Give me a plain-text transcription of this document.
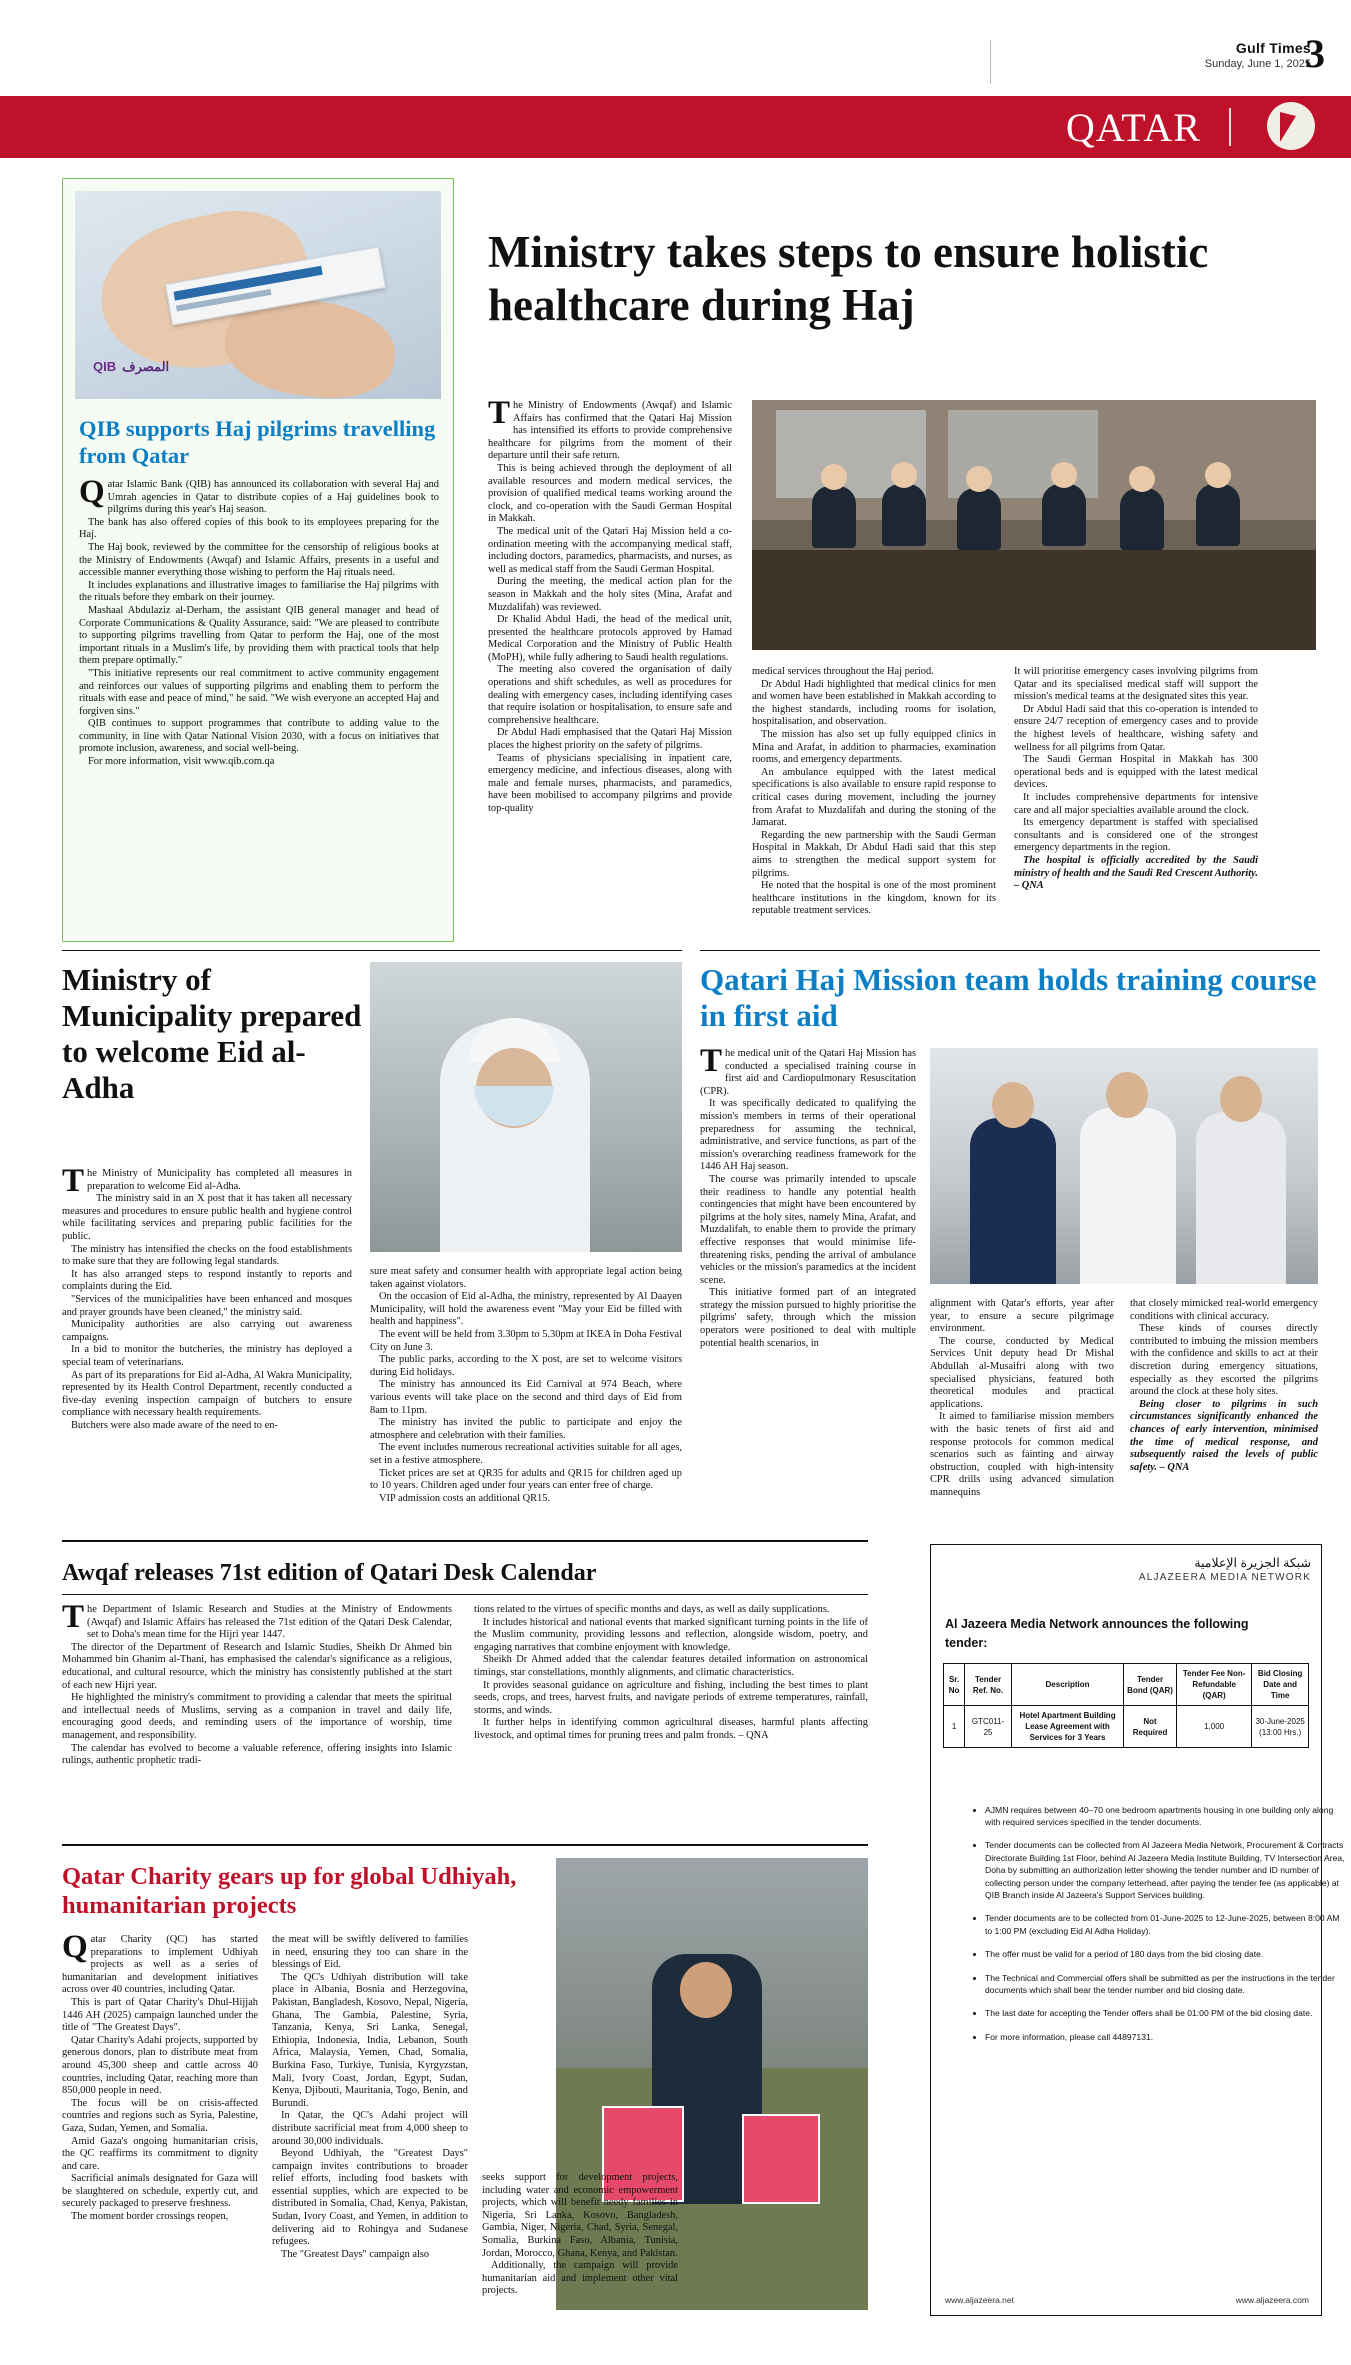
Gulf Times
Sunday, June 1, 2025
3
QATAR
QIB المصرف
QIB supports Haj pilgrims travelling from Qatar

Qatar Islamic Bank (QIB) has announced its collaboration with several Haj and Umrah agencies in Qatar to distribute copies of a Haj guidelines book to pilgrims during this year's Haj season.

The bank has also offered copies of this book to its employees preparing for the Haj.

The Haj book, reviewed by the committee for the censorship of religious books at the Ministry of Endowments (Awqaf) and Islamic Affairs, presents in a useful and accessible manner everything those wishing to perform the Haj rituals need.

It includes explanations and illustrative images to familiarise the Haj pilgrims with the rituals before they embark on their journey.

Mashaal Abdulaziz al-Derham, the assistant QIB general manager and head of Corporate Communications & Quality Assurance, said: "We are pleased to contribute to supporting pilgrims travelling from Qatar to perform the Haj, one of the most important rituals in a Muslim's life, by providing them with practical tools that help them prepare optimally."

"This initiative represents our real commitment to active community engagement and reinforces our values of supporting pilgrims and enabling them to perform the rituals with ease and peace of mind," he said. "We wish everyone an accepted Haj and forgiven sins."

QIB continues to support programmes that contribute to adding value to the community, in line with Qatar National Vision 2030, with a focus on initiatives that promote inclusion, awareness, and social well-being.

For more information, visit www.qib.com.qa

Ministry takes steps to ensure holistic healthcare during Haj

The Ministry of Endowments (Awqaf) and Islamic Affairs has confirmed that the Qatari Haj Mission has intensified its efforts to provide comprehensive healthcare for pilgrims from the moment of their departure until their safe return.

This is being achieved through the deployment of all available resources and modern medical services, the provision of qualified medical teams working around the clock, and co-operation with the Saudi German Hospital in Makkah.

The medical unit of the Qatari Haj Mission held a co-ordination meeting with the accompanying medical staff, including doctors, paramedics, pharmacists, and nurses, as well as medical staff from the Saudi German Hospital.

During the meeting, the medical action plan for the season in Makkah and the holy sites (Mina, Arafat and Muzdalifah) was reviewed.

Dr Khalid Abdul Hadi, the head of the medical unit, presented the healthcare protocols approved by Hamad Medical Corporation and the Ministry of Public Health (MoPH), while fully adhering to Saudi health regulations.

The meeting also covered the organisation of daily operations and shift schedules, as well as procedures for dealing with emergency cases, including identifying cases that require isolation or hospitalisation, to ensure safe and comprehensive healthcare.

Dr Abdul Hadi emphasised that the Qatari Haj Mission places the highest priority on the safety of pilgrims.

Teams of physicians specialising in inpatient care, emergency medicine, and infectious diseases, along with male and female nurses, pharmacists, and paramedics, have been mobilised to accompany pilgrims and provide top-quality

medical services throughout the Haj period.

Dr Abdul Hadi highlighted that medical clinics for men and women have been established in Makkah according to the highest standards, including rooms for isolation, hospitalisation, and observation.

The mission has also set up fully equipped clinics in Mina and Arafat, in addition to pharmacies, examination rooms, and emergency departments.

An ambulance equipped with the latest medical specifications is also available to ensure rapid response to critical cases during movement, including the journey from Arafat to Muzdalifah and during the stoning of the Jamarat.

Regarding the new partnership with the Saudi German Hospital in Makkah, Dr Abdul Hadi said that this step aims to strengthen the medical support system for pilgrims.

He noted that the hospital is one of the most prominent healthcare institutions in the kingdom, known for its reputable treatment services.

It will prioritise emergency cases involving pilgrims from Qatar and its specialised medical staff will support the mission's medical teams at the designated sites this year.

Dr Abdul Hadi said that this co-operation is intended to ensure 24/7 reception of emergency cases and to provide the highest levels of healthcare, wishing safety and wellness for all pilgrims from Qatar.

The Saudi German Hospital in Makkah has 300 operational beds and is equipped with the latest medical devices.

It includes comprehensive departments for intensive care and all major specialties available around the clock.

Its emergency department is staffed with specialised consultants and is considered one of the strongest emergency departments in the region.

The hospital is officially accredited by the Saudi ministry of health and the Saudi Red Crescent Authority. – QNA

Ministry of Municipality prepared to welcome Eid al-Adha

The Ministry of Municipality has completed all measures in preparation to welcome Eid al-Adha.

The ministry said in an X post that it has taken all necessary measures and procedures to ensure public health and hygiene control while facilitating services and preparing public facilities for the public.

The ministry has intensified the checks on the food establishments to make sure that they are following legal standards.

It has also arranged steps to respond instantly to reports and complaints during the Eid.

"Services of the municipalities have been enhanced and mosques and prayer grounds have been cleaned," the ministry said.

Municipality authorities are also carrying out awareness campaigns.

In a bid to monitor the butcheries, the ministry has deployed a special team of veterinarians.

As part of its preparations for Eid al-Adha, Al Wakra Municipality, represented by its Health Control Department, recently conducted a five-day evening inspection campaign of butchers to ensure compliance with necessary health requirements.

Butchers were also made aware of the need to en-

sure meat safety and consumer health with appropriate legal action being taken against violators.

On the occasion of Eid al-Adha, the ministry, represented by Al Daayen Municipality, will hold the awareness event "May your Eid be filled with health and happiness".

The event will be held from 3.30pm to 5.30pm at IKEA in Doha Festival City on June 3.

The public parks, according to the X post, are set to welcome visitors during Eid holidays.

The ministry has announced its Eid Carnival at 974 Beach, where various events will take place on the second and third days of Eid from 8am to 11pm.

The ministry has invited the public to participate and enjoy the atmosphere and celebration with their families.

The event includes numerous recreational activities suitable for all ages, set in a festive atmosphere.

Ticket prices are set at QR35 for adults and QR15 for children aged up to 10 years. Children aged under four years can enter free of charge.

VIP admission costs an additional QR15.

Qatari Haj Mission team holds training course in first aid

The medical unit of the Qatari Haj Mission has conducted a specialised training course in first aid and Cardiopulmonary Resuscitation (CPR).

It was specifically dedicated to qualifying the mission's members in terms of their operational preparedness for assuming the technical, administrative, and service functions, as part of the mission's overarching readiness framework for the 1446 AH Haj season.

The course was primarily intended to upscale their readiness to handle any potential health contingencies that might have been encountered by pilgrims at the holy sites, namely Mina, Arafat, and Muzdalifah, to enable them to provide the primary effective responses that would minimise life-threatening risks, pending the arrival of ambulance vehicles or the mission's paramedics at the incident scene.

This initiative formed part of an integrated strategy the mission pursued to highly prioritise the pilgrims' safety, through which the mission operators were positioned to deal with multiple potential health scenarios, in

alignment with Qatar's efforts, year after year, to ensure a secure pilgrimage environment.

The course, conducted by Medical Services Unit deputy head Dr Mishal Abdullah al-Musaifri along with two specialised physicians, featured both theoretical modules and practical applications.

It aimed to familiarise mission members with the basic tenets of first aid and response protocols for common medical scenarios such as fainting and airway obstruction, coupled with high-intensity CPR drills using advanced simulation mannequins

that closely mimicked real-world emergency conditions with clinical accuracy.

These kinds of courses directly contributed to imbuing the mission members with the confidence and skills to act at their discretion during emergency situations, especially as they escorted the pilgrims around the clock at these holy sites.

Being closer to pilgrims in such circumstances significantly enhanced the chances of early intervention, minimised the time of medical response, and subsequently raised the levels of public safety. – QNA

Awqaf releases 71st edition of Qatari Desk Calendar

The Department of Islamic Research and Studies at the Ministry of Endowments (Awqaf) and Islamic Affairs has released the 71st edition of the Qatari Desk Calendar, set to Doha's mean time for the Hijri year 1447.

The director of the Department of Research and Islamic Studies, Sheikh Dr Ahmed bin Mohammed bin Ghanim al-Thani, has emphasised the calendar's significance as a religious, educational, and cultural resource, which the ministry has consistently published at the start of each new Hijri year.

He highlighted the ministry's commitment to providing a calendar that meets the spiritual and intellectual needs of Muslims, serving as a companion in travel and daily life, encouraging good deeds, and reminding users of the importance of worship, time management, and responsibility.

The calendar has evolved to become a valuable reference, offering insights into Islamic rulings, authentic prophetic tradi-

tions related to the virtues of specific months and days, as well as daily supplications.

It includes historical and national events that marked significant turning points in the life of the Muslim community, providing lessons and reflection, alongside wisdom, poetry, and engaging narratives that combine enjoyment with knowledge.

Sheikh Dr Ahmed added that the calendar features detailed information on astronomical timings, star constellations, monthly alignments, and climatic characteristics.

It provides seasonal guidance on agriculture and fishing, including the best times to plant seeds, crops, and trees, harvest fruits, and navigate periods of extreme temperatures, rainfall, storms, and winds.

It further helps in identifying common agricultural diseases, harmful plants affecting livestock, and optimal times for pruning trees and palm fronds. – QNA

Qatar Charity gears up for global Udhiyah, humanitarian projects

Qatar Charity (QC) has started preparations to implement Udhiyah projects as well as a series of humanitarian and development initiatives across over 40 countries, including Qatar.

This is part of Qatar Charity's Dhul-Hijjah 1446 AH (2025) campaign launched under the title of "The Greatest Days".

Qatar Charity's Adahi projects, supported by generous donors, plan to distribute meat from around 45,300 sheep and cattle across 40 countries, including Qatar, reaching more than 850,000 people in need.

The focus will be on crisis-affected countries and regions such as Syria, Palestine, Gaza, Sudan, Yemen, and Somalia.

Amid Gaza's ongoing humanitarian crisis, the QC reaffirms its commitment to dignity and care.

Sacrificial animals designated for Gaza will be slaughtered on schedule, expertly cut, and securely packaged to preserve freshness.

The moment border crossings reopen,

the meat will be swiftly delivered to families in need, ensuring they too can share in the blessings of Eid.

The QC's Udhiyah distribution will take place in Albania, Bosnia and Herzegovina, Pakistan, Bangladesh, Kosovo, Nepal, Nigeria, Ghana, The Gambia, Palestine, Syria, Tanzania, Kenya, Sri Lanka, Senegal, Ethiopia, Indonesia, India, Lebanon, South Africa, Malaysia, Yemen, Chad, Somalia, Burkina Faso, Turkiye, Tunisia, Kyrgyzstan, Mali, Ivory Coast, Jordan, Egypt, Sudan, Kenya, Djibouti, Mauritania, Togo, Benin, and Burundi.

In Qatar, the QC's Adahi project will distribute sacrificial meat from 4,000 sheep to around 30,000 individuals.

Beyond Udhiyah, the "Greatest Days" campaign invites contributions to broader relief efforts, including food baskets with essential supplies, which are expected to be distributed in Somalia, Chad, Kenya, Pakistan, Sudan, Ivory Coast, and Yemen, in addition to delivering aid to Rohingya and Sudanese refugees.

The "Greatest Days" campaign also

seeks support for development projects, including water and economic empowerment projects, which will benefit needy families in Nigeria, Sri Lanka, Kosovo, Bangladesh, Gambia, Niger, Nigeria, Chad, Syria, Senegal, Somalia, Burkina Faso, Albania, Tunisia, Jordan, Morocco, Ghana, Kenya, and Pakistan.

Additionally, the campaign will provide humanitarian aid and implement other vital projects.

شبكة الجزيرة الإعلامية
ALJAZEERA MEDIA NETWORK
Al Jazeera Media Network announces the following tender:
Sr. No	Tender Ref. No.	Description	Tender Bond (QAR)	Tender Fee Non-Refundable (QAR)	Bid Closing Date and Time
1	GTC011-25	Hotel Apartment Building Lease Agreement with Services for 3 Years	Not Required	1,000	30-June-2025 (13:00 Hrs.)
• AJMN requires between 40–70 one bedroom apartments housing in one building only along with required services specified in the tender documents.
• Tender documents can be collected from Al Jazeera Media Network, Procurement & Contracts Directorate Building 1st Floor, behind Al Jazeera Media Institute Building, TV Intersection Area, Doha by submitting an authorization letter showing the tender number and ID number of collecting person under the company letterhead, after paying the tender fee (as applicable) at QIB Branch inside Al Jazeera's Support Services building.
• Tender documents are to be collected from 01-June-2025 to 12-June-2025, between 8:00 AM to 1:00 PM (excluding Eid Al Adha Holiday).
• The offer must be valid for a period of 180 days from the bid closing date.
• The Technical and Commercial offers shall be submitted as per the instructions in the tender documents which shall bear the tender number and bid closing date.
• The last date for accepting the Tender offers shall be 01:00 PM of the bid closing date.
• For more information, please call 44897131.
www.aljazeera.net	www.aljazeera.com
